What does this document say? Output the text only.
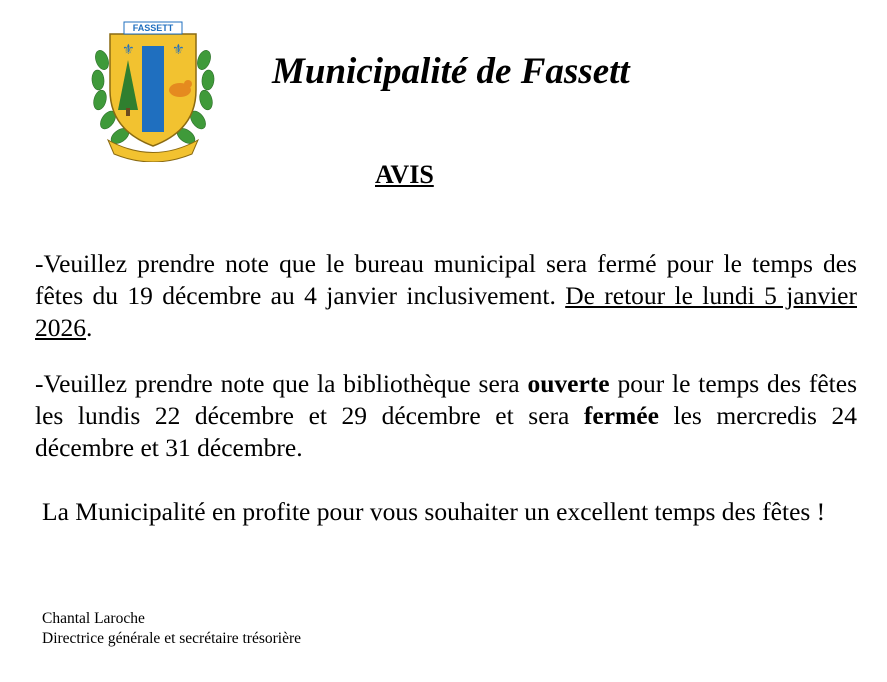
⚜	⚜
FASSETT
Municipalité de Fassett
AVIS

-Veuillez prendre note que le bureau municipal sera fermé pour le temps des fêtes du 19 décembre au 4 janvier inclusivement. De retour le lundi 5 janvier 2026.

-Veuillez prendre note que la bibliothèque sera ouverte pour le temps des fêtes les lundis 22 décembre et 29 décembre et sera fermée les mercredis 24 décembre et 31 décembre.

La Municipalité en profite pour vous souhaiter un excellent temps des fêtes !

Chantal Laroche
Directrice générale et secrétaire trésorière
